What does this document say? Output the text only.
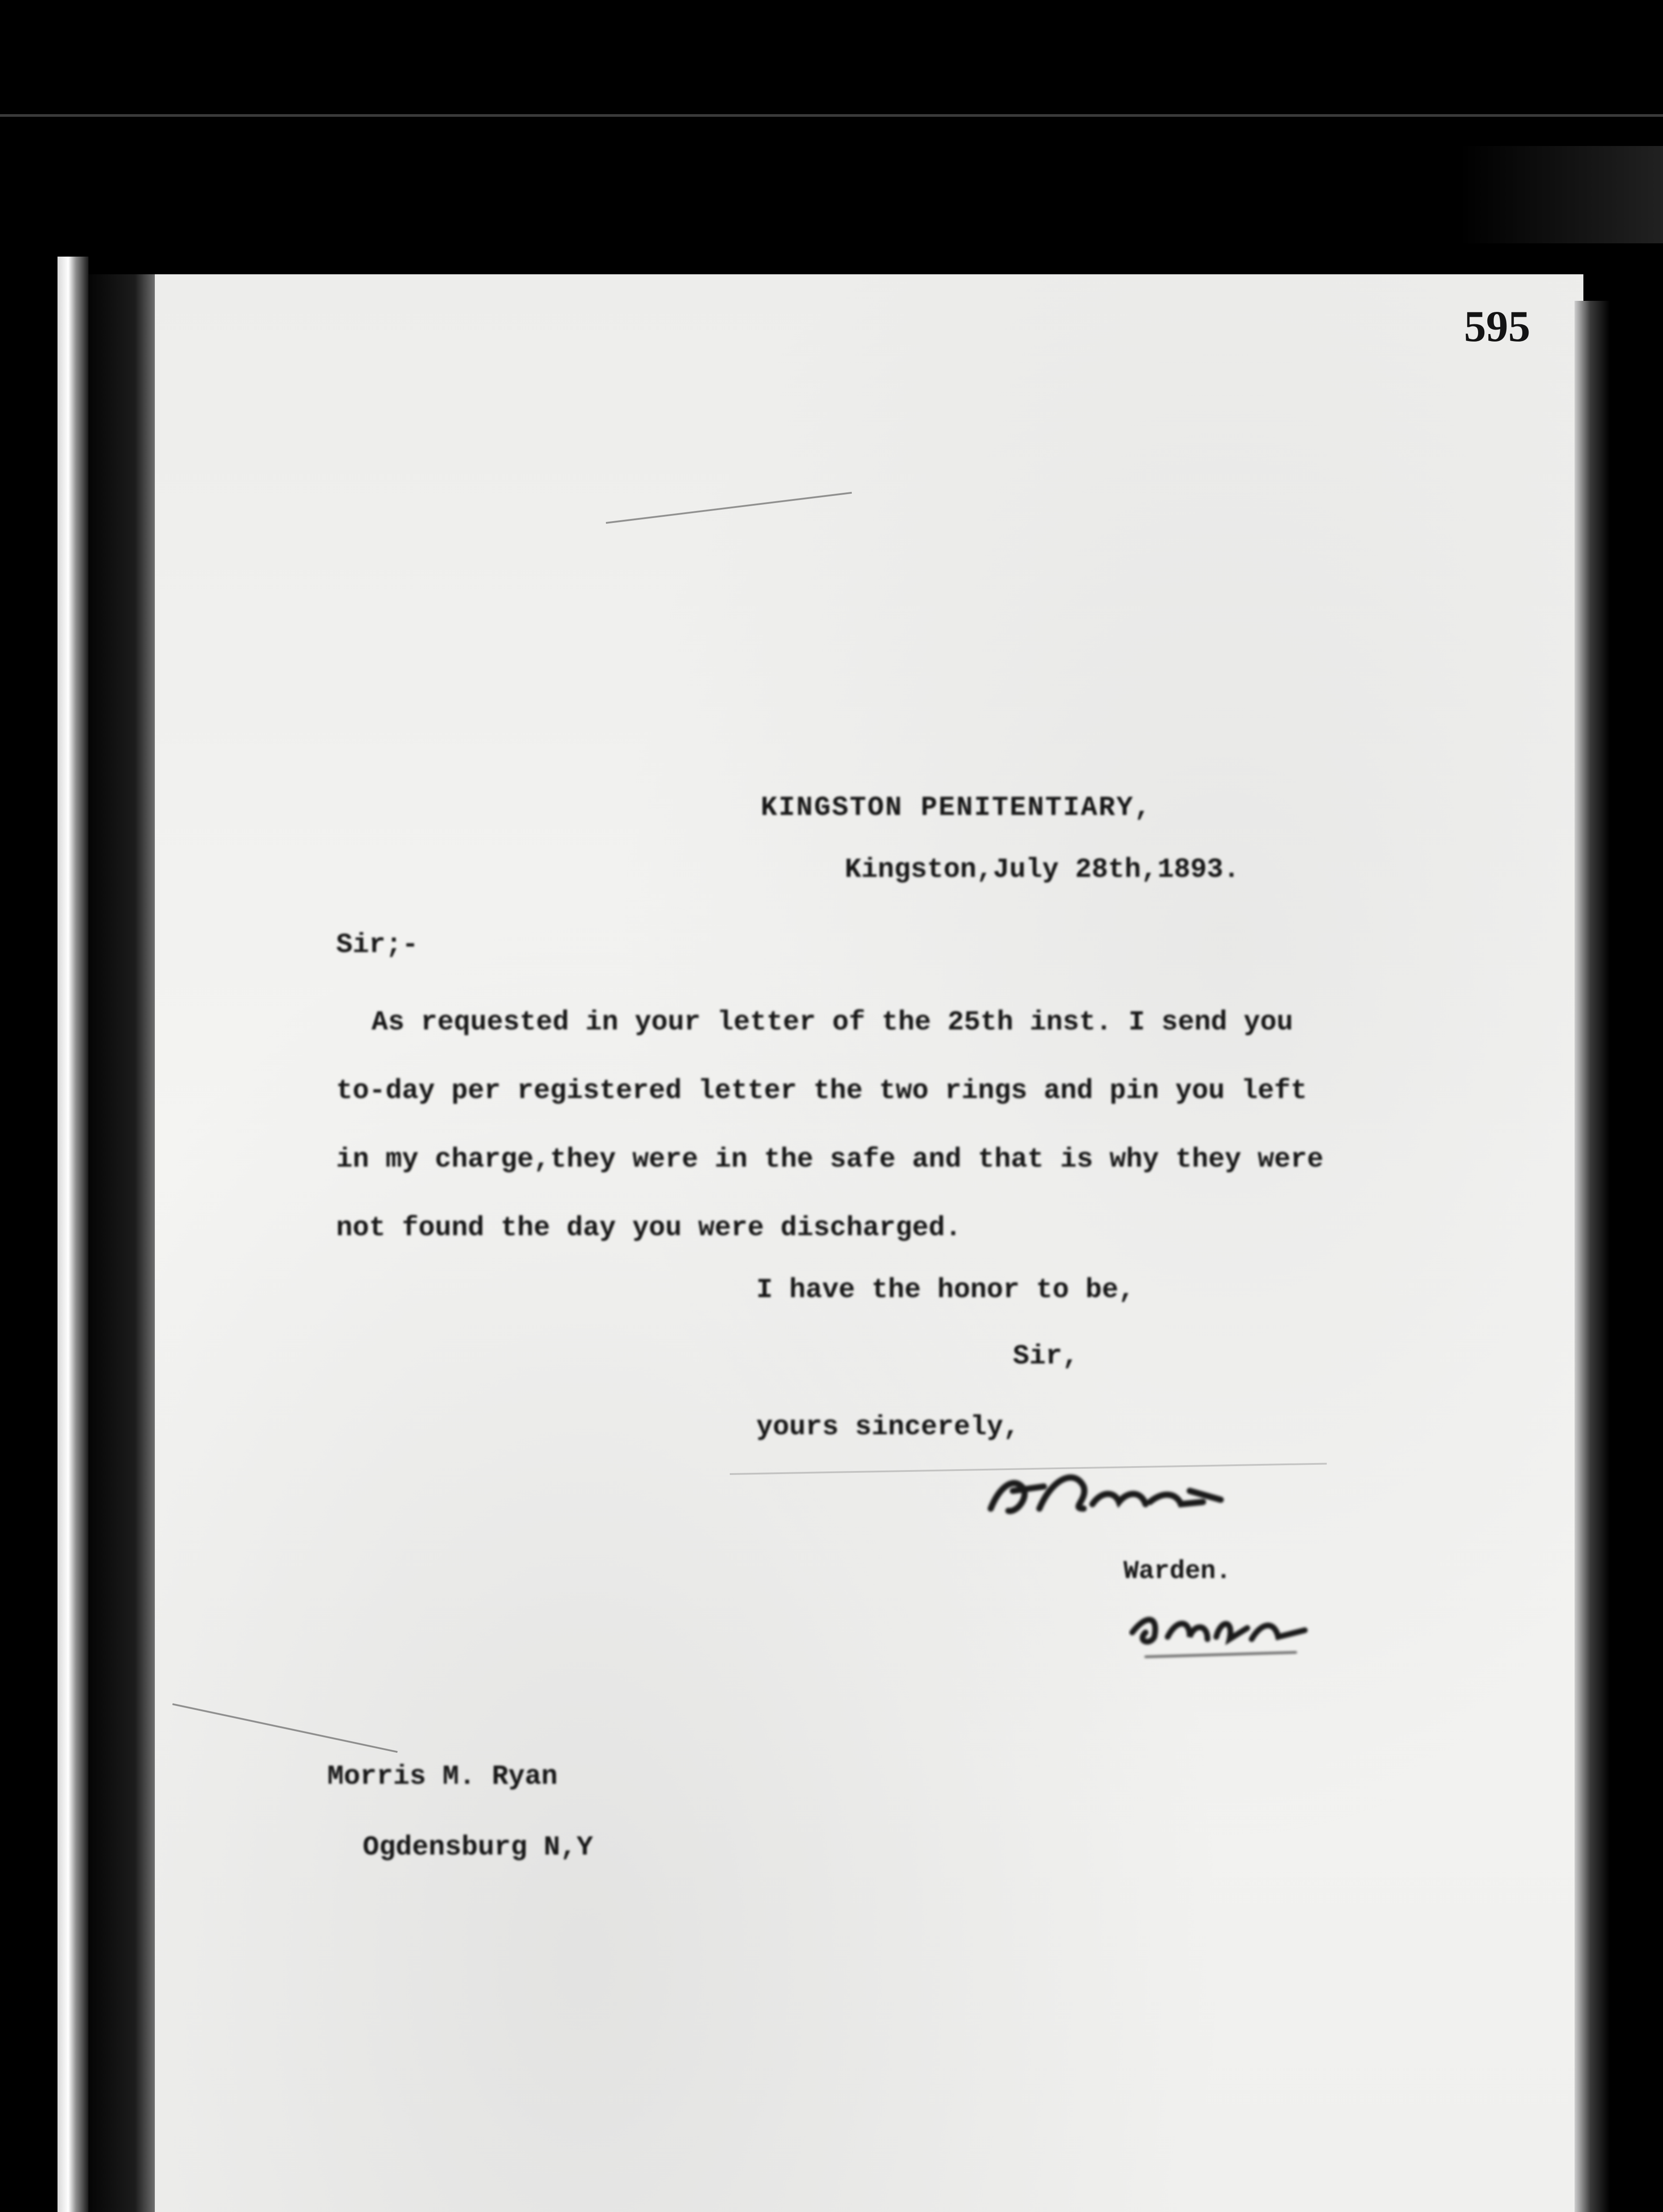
595
KINGSTON PENITENTIARY,
Kingston,July 28th,1893.
Sir;-
As requested in your letter of the 25th inst. I send you
to-day per registered letter the two rings and pin you left
in my charge,they were in the safe and that is why they were
not found the day you were discharged.
I have the honor to be,
Sir,
yours sincerely,
Warden.
Morris M. Ryan
Ogdensburg N,Y
